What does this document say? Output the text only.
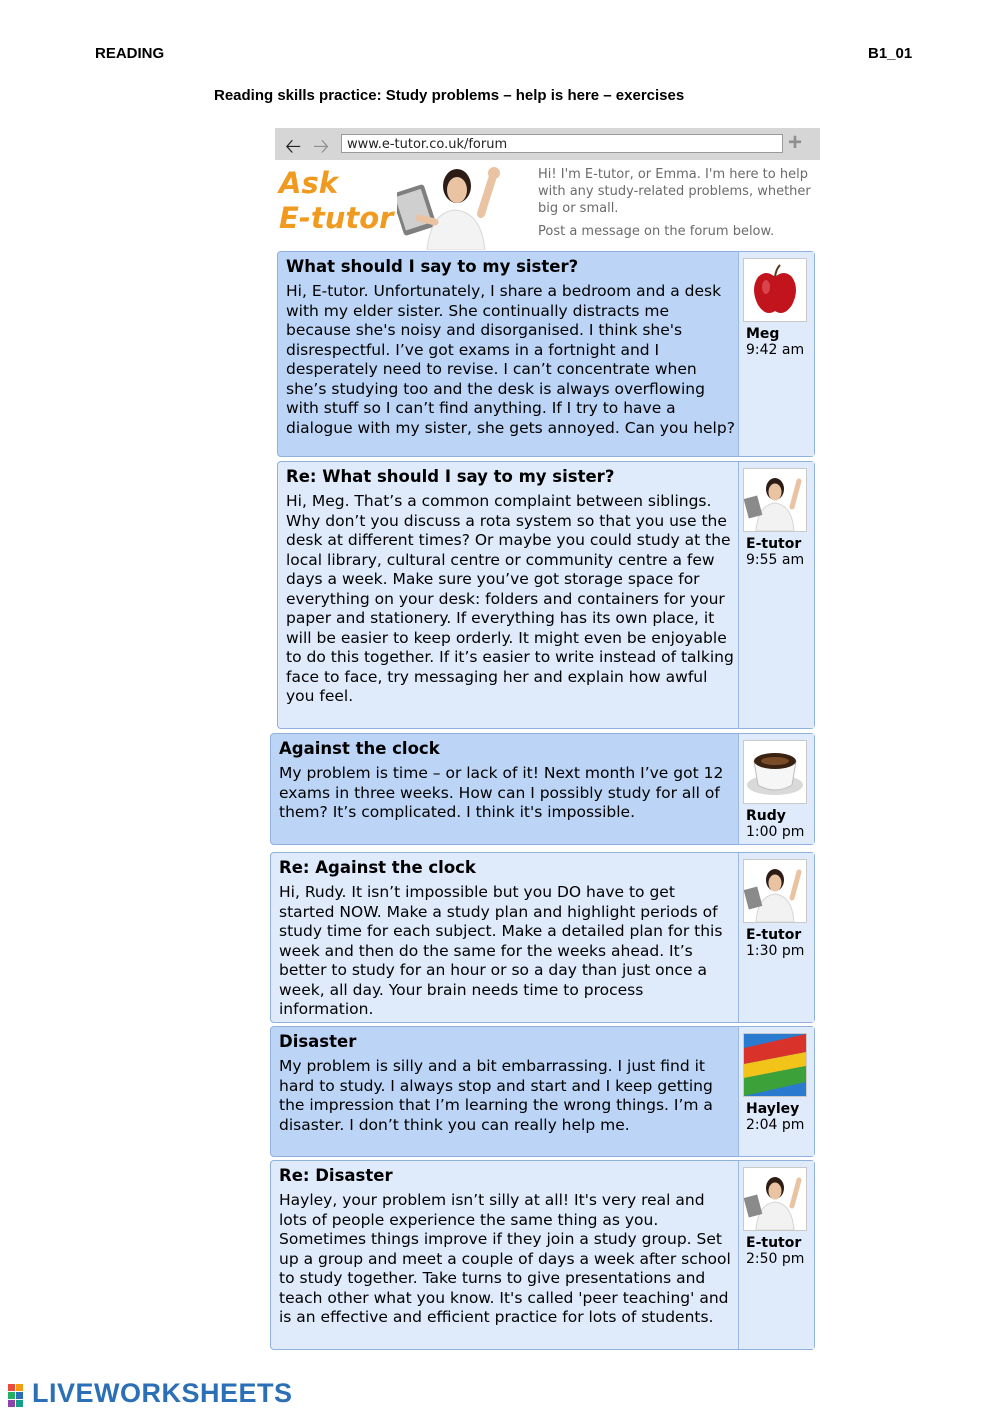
READING	B1_01
Reading skills practice: Study problems – help is here – exercises
🡠 🡢	www.e-tutor.co.uk/forum	+
Ask
E-tutor
Hi! I'm E-tutor, or Emma. I'm here to help with any study-related problems, whether big or small.
Post a message on the forum below.
What should I say to my sister?
Hi, E-tutor. Unfortunately, I share a bedroom and a desk with my elder sister. She continually distracts me because she's noisy and disorganised. I think she's disrespectful. I’ve got exams in a fortnight and I desperately need to revise. I can’t concentrate when she’s studying too and the desk is always overflowing with stuff so I can’t find anything. If I try to have a dialogue with my sister, she gets annoyed. Can you help?
Meg
9:42 am
Re: What should I say to my sister?
Hi, Meg. That’s a common complaint between siblings. Why don’t you discuss a rota system so that you use the desk at different times? Or maybe you could study at the local library, cultural centre or community centre a few days a week. Make sure you’ve got storage space for everything on your desk: folders and containers for your paper and stationery. If everything has its own place, it will be easier to keep orderly. It might even be enjoyable to do this together. If it’s easier to write instead of talking face to face, try messaging her and explain how awful you feel.
E-tutor
9:55 am
Against the clock
My problem is time – or lack of it! Next month I’ve got 12 exams in three weeks. How can I possibly study for all of them? It’s complicated. I think it's impossible.	Rudy
1:00 pm
Re: Against the clock
Hi, Rudy. It isn’t impossible but you DO have to get started NOW. Make a study plan and highlight periods of study time for each subject. Make a detailed plan for this week and then do the same for the weeks ahead. It’s better to study for an hour or so a day than just once a week, all day. Your brain needs time to process information.
E-tutor
1:30 pm
Disaster
My problem is silly and a bit embarrassing. I just find it hard to study. I always stop and start and I keep getting the impression that I’m learning the wrong things. I’m a disaster. I don’t think you can really help me.
Hayley
2:04 pm
Re: Disaster
Hayley, your problem isn’t silly at all! It's very real and lots of people experience the same thing as you. Sometimes things improve if they join a study group. Set up a group and meet a couple of days a week after school to study together. Take turns to give presentations and teach other what you know. It's called 'peer teaching' and is an effective and efficient practice for lots of students.
E-tutor
2:50 pm
LIVEWORKSHEETS
